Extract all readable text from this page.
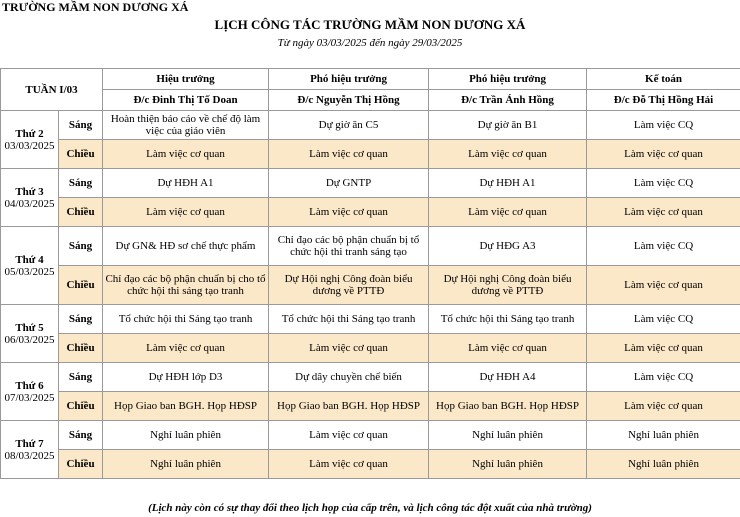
TRƯỜNG MẦM NON DƯƠNG XÁ
LỊCH CÔNG TÁC TRƯỜNG MẦM NON DƯƠNG XÁ
Từ ngày 03/03/2025 đến ngày 29/03/2025
TUẦN I/03		Hiệu trưởng	Phó hiệu trưởng	Phó hiệu trưởng	Kế toán
		Đ/c Đinh Thị Tố Doan	Đ/c Nguyễn Thị Hồng	Đ/c Trần Ánh Hồng	Đ/c Đỗ Thị Hồng Hải

Thứ 2
03/03/2025	Sáng	Hoàn thiện báo cáo về chế độ làm việc của giáo viên	Dự giờ ăn C5	Dự giờ ăn B1	Làm việc CQ
	Chiều	Làm việc cơ quan	Làm việc cơ quan	Làm việc cơ quan	Làm việc cơ quan

Thứ 3
04/03/2025	Sáng	Dự HĐH A1	Dự GNTP	Dự HĐH A1	Làm việc CQ
	Chiều	Làm việc cơ quan	Làm việc cơ quan	Làm việc cơ quan	Làm việc cơ quan

Thứ 4
05/03/2025	Sáng	Dự GN& HĐ sơ chế thực phẩm	Chỉ đạo các bộ phận chuẩn bị tổ chức hội thi tranh sáng tạo	Dự HĐG A3	Làm việc CQ
	Chiều	Chỉ đạo các bộ phận chuẩn bị cho tổ chức hội thi sáng tạo tranh	Dự Hội nghị Công đoàn biểu dương về PTTĐ	Dự Hội nghị Công đoàn biểu dương về PTTĐ	Làm việc cơ quan

Thứ 5
06/03/2025	Sáng	Tổ chức hội thi Sáng tạo tranh	Tổ chức hội thi Sáng tạo tranh	Tổ chức hội thi Sáng tạo tranh	Làm việc CQ
	Chiều	Làm việc cơ quan	Làm việc cơ quan	Làm việc cơ quan	Làm việc cơ quan

Thứ 6
07/03/2025	Sáng	Dự HĐH lớp D3	Dự dây chuyền chế biến	Dự HĐH A4	Làm việc CQ
	Chiều	Họp Giao ban BGH. Họp HĐSP	Họp Giao ban BGH. Họp HĐSP	Họp Giao ban BGH. Họp HĐSP	Làm việc cơ quan

Thứ 7
08/03/2025	Sáng	Nghỉ luân phiên	Làm việc cơ quan	Nghỉ luân phiên	Nghỉ luân phiên
	Chiều	Nghỉ luân phiên	Làm việc cơ quan	Nghỉ luân phiên	Nghỉ luân phiên
(Lịch này còn có sự thay đổi theo lịch họp của cấp trên, và lịch công tác đột xuất của nhà trường)
